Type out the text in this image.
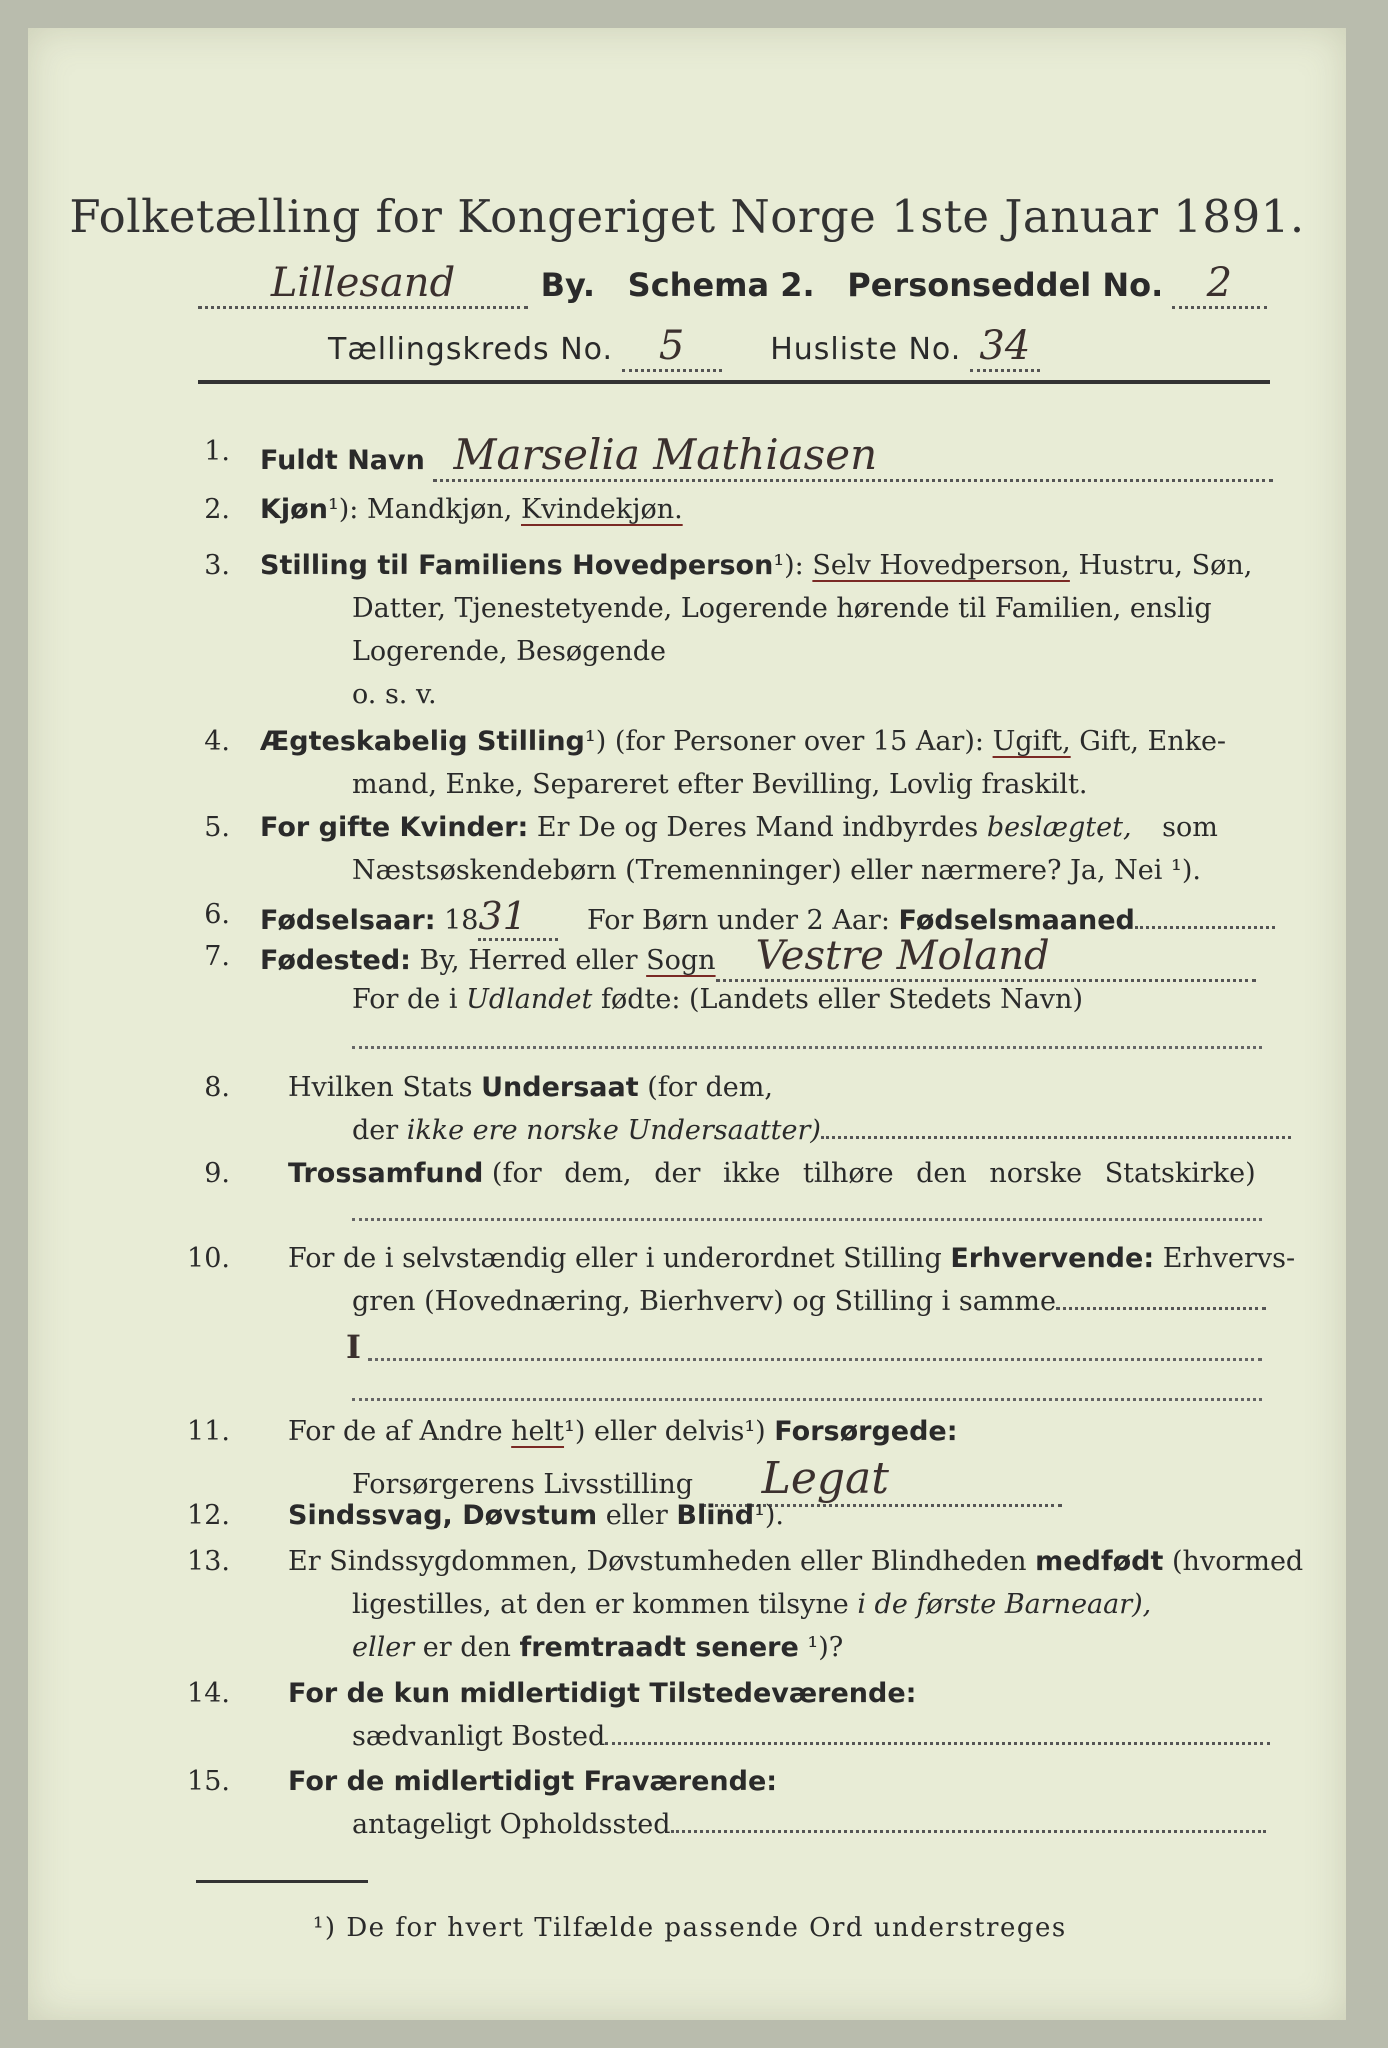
Folketælling for Kongeriget Norge 1ste Januar 1891.
Lillesand	By. Schema 2. Personseddel No. 2
Tællingskreds No. 5	Husliste No. 34
1. Fuldt Navn Marselia Mathiasen
2. Kjøn¹): Mandkjøn, Kvindekjøn.
3. Stilling til Familiens Hovedperson¹): Selv Hovedperson, Hustru, Søn,
Datter, Tjenestetyende, Logerende hørende til Familien, enslig
Logerende, Besøgende
o. s. v.
4. Ægteskabelig Stilling¹) (for Personer over 15 Aar): Ugift, Gift, Enke-
mand, Enke, Separeret efter Bevilling, Lovlig fraskilt.
5. For gifte Kvinder: Er De og Deres Mand indbyrdes beslægtet, som
Næstsøskendebørn (Tremenninger) eller nærmere? Ja, Nei ¹).
6. Fødselsaar: 1831 For Børn under 2 Aar: Fødselsmaaned
7. Fødested: By, Herred eller Sogn Vestre Moland
For de i Udlandet fødte: (Landets eller Stedets Navn)
8. Hvilken Stats Undersaat (for dem,
der ikke ere norske Undersaatter)
9. Trossamfund (for dem, der ikke tilhøre den norske Statskirke)
10. For de i selvstændig eller i underordnet Stilling Erhvervende: Erhvervs-
gren (Hovednæring, Bierhverv) og Stilling i samme
I
11. For de af Andre helt¹) eller delvis¹) Forsørgede:
Forsørgerens Livsstilling Legat
12. Sindssvag, Døvstum eller Blind¹).
13. Er Sindssygdommen, Døvstumheden eller Blindheden medfødt (hvormed
ligestilles, at den er kommen tilsyne i de første Barneaar),
eller er den fremtraadt senere ¹)?
14. For de kun midlertidigt Tilstedeværende:
sædvanligt Bosted
15. For de midlertidigt Fraværende:
antageligt Opholdssted
¹) De for hvert Tilfælde passende Ord understreges
